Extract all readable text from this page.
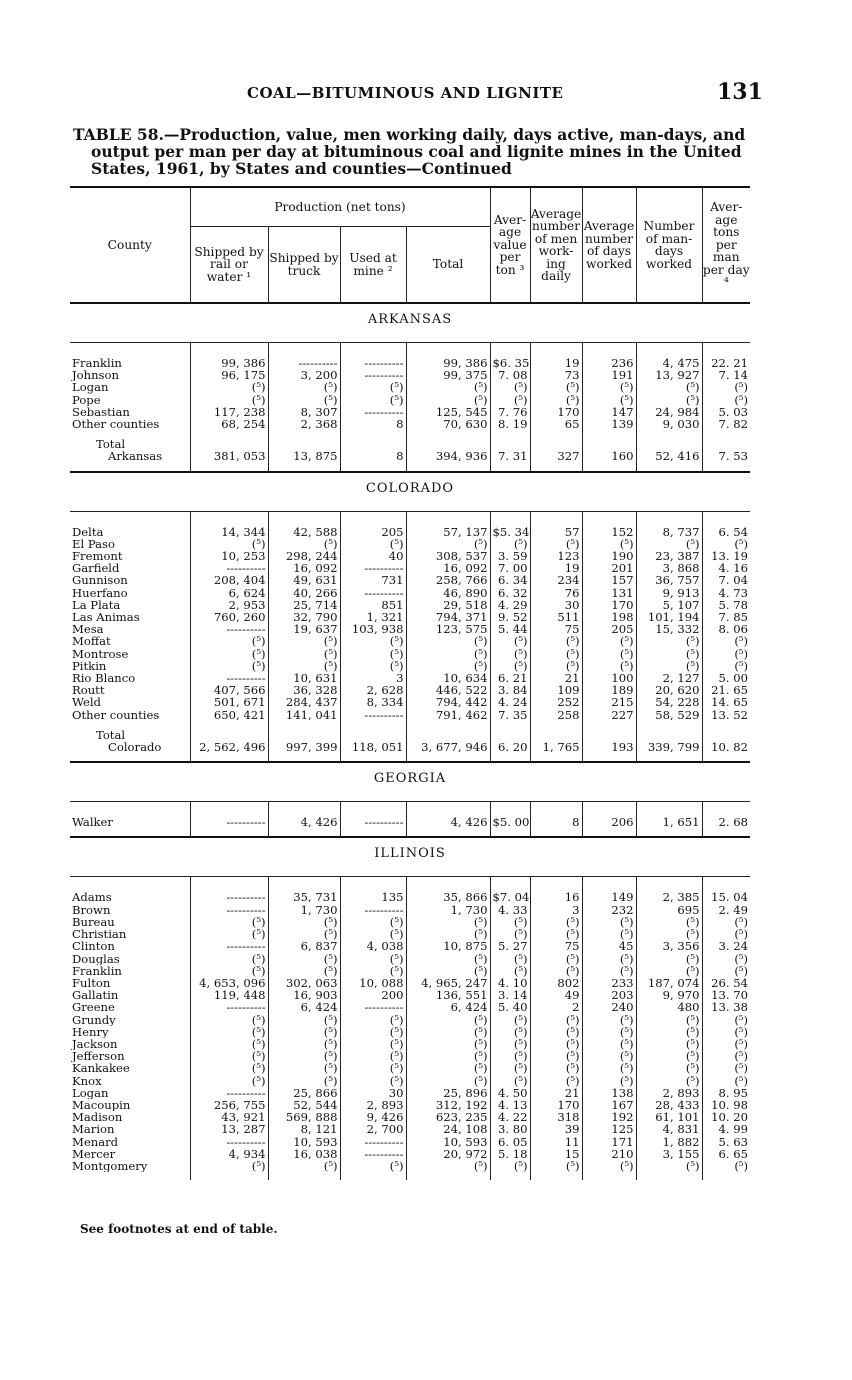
COAL—BITUMINOUS AND LIGNITE	131
TABLE 58.—Production, value, men working daily, days active, man-days, and
output per man per day at bituminous coal and lignite mines in the United
States, 1961, by States and counties—Continued
County	Production (net tons)				Aver- age value per ton ³	Average number of men work- ing daily	Average number of days worked	Number of man- days worked	Aver- age tons per man per day ⁴
	Shipped by rail or water ¹	Shipped by truck	Used at mine ²	Total					
ARKANSAS									

Franklin	99, 386	----------	----------	99, 386	$6. 35	19	236	4, 475	22. 21
Johnson	96, 175	3, 200	----------	99, 375	7. 08	73	191	13, 927	7. 14
Logan	(⁵)	(⁵)	(⁵)	(⁵)	(⁵)	(⁵)	(⁵)	(⁵)	(⁵)
Pope	(⁵)	(⁵)	(⁵)	(⁵)	(⁵)	(⁵)	(⁵)	(⁵)	(⁵)
Sebastian	117, 238	8, 307	----------	125, 545	7. 76	170	147	24, 984	5. 03
Other counties	68, 254	2, 368	8	70, 630	8. 19	65	139	9, 030	7. 82

Total
Arkansas	381, 053	13, 875	8	394, 936	7. 31	327	160	52, 416	7. 53

COLORADO									

Delta	14, 344	42, 588	205	57, 137	$5. 34	57	152	8, 737	6. 54
El Paso	(⁵)	(⁵)	(⁵)	(⁵)	(⁵)	(⁵)	(⁵)	(⁵)	(⁵)
Fremont	10, 253	298, 244	40	308, 537	3. 59	123	190	23, 387	13. 19
Garfield	----------	16, 092	----------	16, 092	7. 00	19	201	3, 868	4. 16
Gunnison	208, 404	49, 631	731	258, 766	6. 34	234	157	36, 757	7. 04
Huerfano	6, 624	40, 266	----------	46, 890	6. 32	76	131	9, 913	4. 73
La Plata	2, 953	25, 714	851	29, 518	4. 29	30	170	5, 107	5. 78
Las Animas	760, 260	32, 790	1, 321	794, 371	9. 52	511	198	101, 194	7. 85
Mesa	----------	19, 637	103, 938	123, 575	5. 44	75	205	15, 332	8. 06
Moffat	(⁵)	(⁵)	(⁵)	(⁵)	(⁵)	(⁵)	(⁵)	(⁵)	(⁵)
Montrose	(⁵)	(⁵)	(⁵)	(⁵)	(⁵)	(⁵)	(⁵)	(⁵)	(⁵)
Pitkin	(⁵)	(⁵)	(⁵)	(⁵)	(⁵)	(⁵)	(⁵)	(⁵)	(⁵)
Rio Blanco	----------	10, 631	3	10, 634	6. 21	21	100	2, 127	5. 00
Routt	407, 566	36, 328	2, 628	446, 522	3. 84	109	189	20, 620	21. 65
Weld	501, 671	284, 437	8, 334	794, 442	4. 24	252	215	54, 228	14. 65
Other counties	650, 421	141, 041	----------	791, 462	7. 35	258	227	58, 529	13. 52

Total
Colorado	2, 562, 496	997, 399	118, 051	3, 677, 946	6. 20	1, 765	193	339, 799	10. 82

GEORGIA									

Walker	----------	4, 426	----------	4, 426	$5. 00	8	206	1, 651	2. 68

ILLINOIS									

Adams	----------	35, 731	135	35, 866	$7. 04	16	149	2, 385	15. 04
Brown	----------	1, 730	----------	1, 730	4. 33	3	232	695	2. 49
Bureau	(⁵)	(⁵)	(⁵)	(⁵)	(⁵)	(⁵)	(⁵)	(⁵)	(⁵)
Christian	(⁵)	(⁵)	(⁵)	(⁵)	(⁵)	(⁵)	(⁵)	(⁵)	(⁵)
Clinton	----------	6, 837	4, 038	10, 875	5. 27	75	45	3, 356	3. 24
Douglas	(⁵)	(⁵)	(⁵)	(⁵)	(⁵)	(⁵)	(⁵)	(⁵)	(⁵)
Franklin	(⁵)	(⁵)	(⁵)	(⁵)	(⁵)	(⁵)	(⁵)	(⁵)	(⁵)
Fulton	4, 653, 096	302, 063	10, 088	4, 965, 247	4. 10	802	233	187, 074	26. 54
Gallatin	119, 448	16, 903	200	136, 551	3. 14	49	203	9, 970	13. 70
Greene	----------	6, 424	----------	6, 424	5. 40	2	240	480	13. 38
Grundy	(⁵)	(⁵)	(⁵)	(⁵)	(⁵)	(⁵)	(⁵)	(⁵)	(⁵)
Henry	(⁵)	(⁵)	(⁵)	(⁵)	(⁵)	(⁵)	(⁵)	(⁵)	(⁵)
Jackson	(⁵)	(⁵)	(⁵)	(⁵)	(⁵)	(⁵)	(⁵)	(⁵)	(⁵)
Jefferson	(⁵)	(⁵)	(⁵)	(⁵)	(⁵)	(⁵)	(⁵)	(⁵)	(⁵)
Kankakee	(⁵)	(⁵)	(⁵)	(⁵)	(⁵)	(⁵)	(⁵)	(⁵)	(⁵)
Knox	(⁵)	(⁵)	(⁵)	(⁵)	(⁵)	(⁵)	(⁵)	(⁵)	(⁵)
Logan	----------	25, 866	30	25, 896	4. 50	21	138	2, 893	8. 95
Macoupin	256, 755	52, 544	2, 893	312, 192	4. 13	170	167	28, 433	10. 98
Madison	43, 921	569, 888	9, 426	623, 235	4. 22	318	192	61, 101	10. 20
Marion	13, 287	8, 121	2, 700	24, 108	3. 80	39	125	4, 831	4. 99
Menard	----------	10, 593	----------	10, 593	6. 05	11	171	1, 882	5. 63
Mercer	4, 934	16, 038	----------	20, 972	5. 18	15	210	3, 155	6. 65
Montgomery	(⁵)	(⁵)	(⁵)	(⁵)	(⁵)	(⁵)	(⁵)	(⁵)	(⁵)

See footnotes at end of table.
